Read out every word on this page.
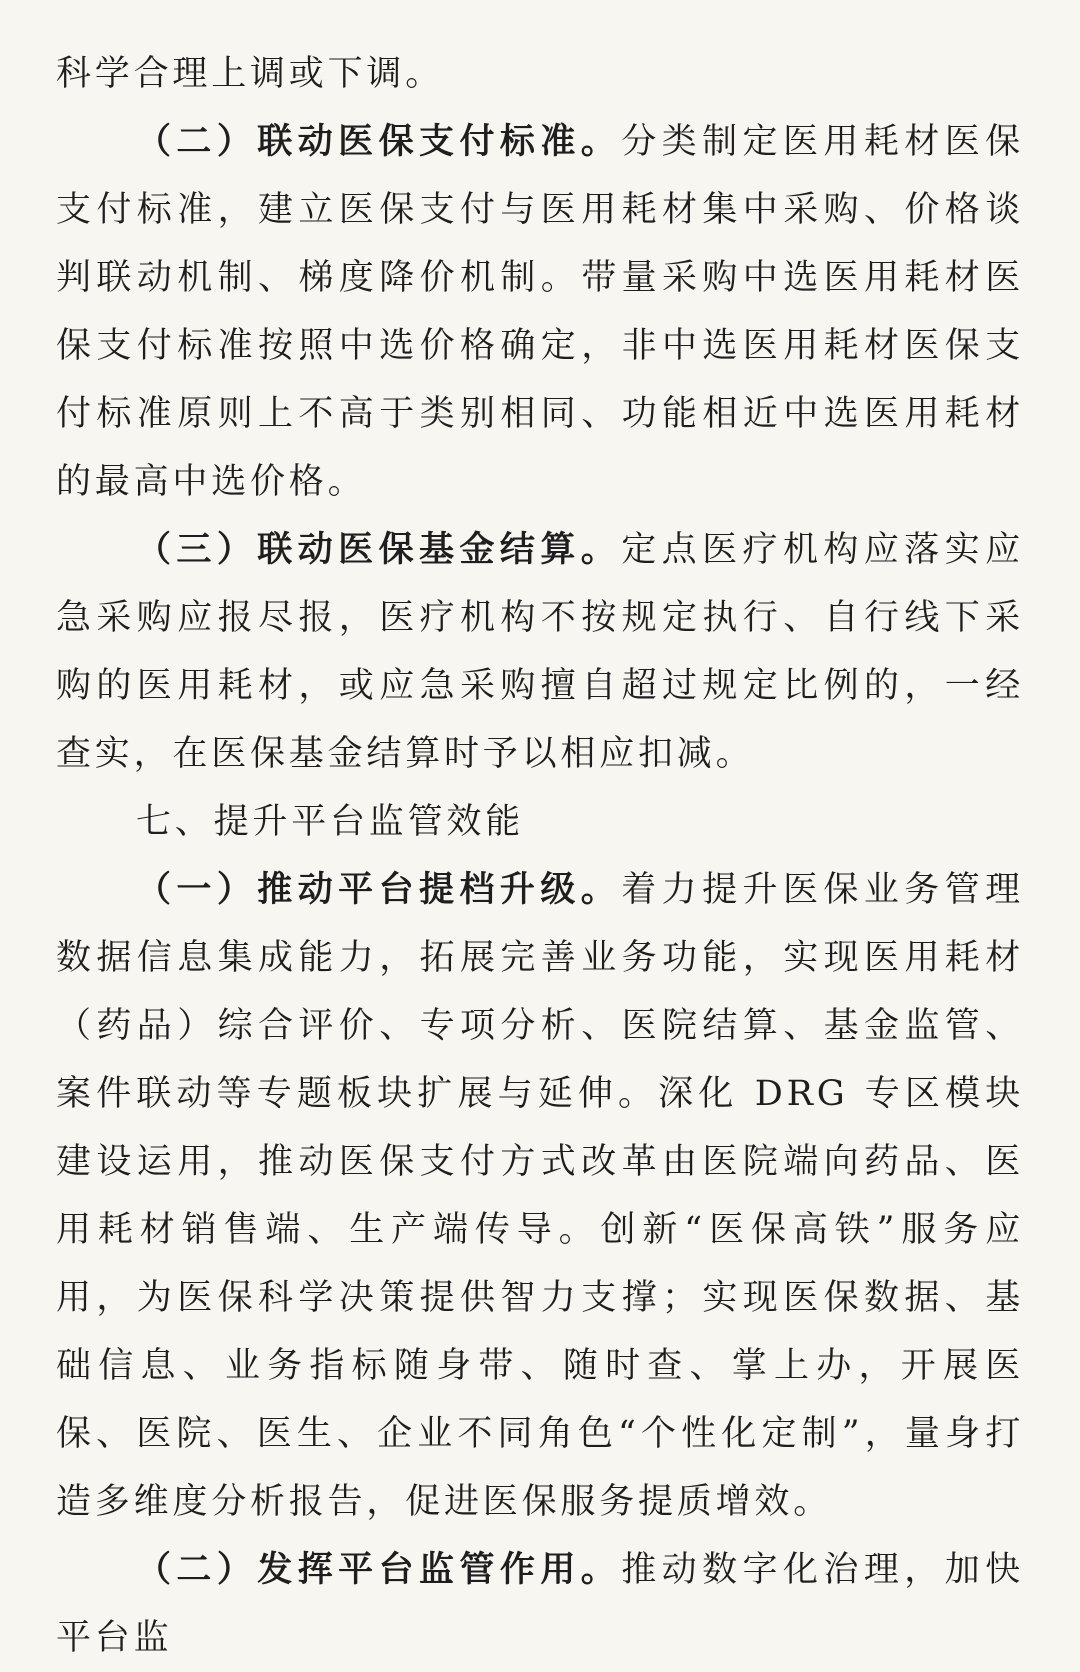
科学合理上调或下调。

（二）联动医保支付标准。分类制定医用耗材医保支付标准，建立医保支付与医用耗材集中采购、价格谈判联动机制、梯度降价机制。带量采购中选医用耗材医保支付标准按照中选价格确定，非中选医用耗材医保支付标准原则上不高于类别相同、功能相近中选医用耗材的最高中选价格。

（三）联动医保基金结算。定点医疗机构应落实应急采购应报尽报，医疗机构不按规定执行、自行线下采购的医用耗材，或应急采购擅自超过规定比例的，一经查实，在医保基金结算时予以相应扣减。

七、提升平台监管效能

（一）推动平台提档升级。着力提升医保业务管理数据信息集成能力，拓展完善业务功能，实现医用耗材（药品）综合评价、专项分析、医院结算、基金监管、案件联动等专题板块扩展与延伸。深化 DRG 专区模块建设运用，推动医保支付方式改革由医院端向药品、医用耗材销售端、生产端传导。创新“医保高铁”服务应用，为医保科学决策提供智力支撑；实现医保数据、基础信息、业务指标随身带、随时查、掌上办，开展医保、医院、医生、企业不同角色“个性化定制”，量身打造多维度分析报告，促进医保服务提质增效。

（二）发挥平台监管作用。推动数字化治理，加快平台监
